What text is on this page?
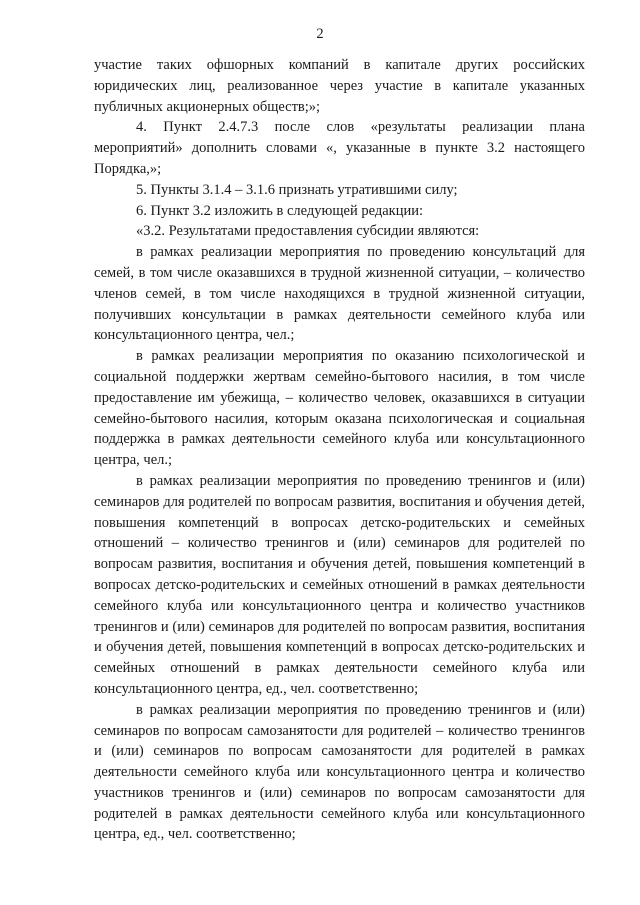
2

участие таких офшорных компаний в капитале других российских юридических лиц, реализованное через участие в капитале указанных публичных акционерных обществ;»;

4. Пункт 2.4.7.3 после слов «результаты реализации плана мероприятий» дополнить словами «, указанные в пункте 3.2 настоящего Порядка,»;

5. Пункты 3.1.4 – 3.1.6 признать утратившими силу;

6. Пункт 3.2 изложить в следующей редакции:

«3.2. Результатами предоставления субсидии являются:

в рамках реализации мероприятия по проведению консультаций для семей, в том числе оказавшихся в трудной жизненной ситуации, – количество членов семей, в том числе находящихся в трудной жизненной ситуации, получивших консультации в рамках деятельности семейного клуба или консультационного центра, чел.;

в рамках реализации мероприятия по оказанию психологической и социальной поддержки жертвам семейно-бытового насилия, в том числе предоставление им убежища, – количество человек, оказавшихся в ситуации семейно-бытового насилия, которым оказана психологическая и социальная поддержка в рамках деятельности семейного клуба или консультационного центра, чел.;

в рамках реализации мероприятия по проведению тренингов и (или) семинаров для родителей по вопросам развития, воспитания и обучения детей, повышения компетенций в вопросах детско-родительских и семейных отношений – количество тренингов и (или) семинаров для родителей по вопросам развития, воспитания и обучения детей, повышения компетенций в вопросах детско-родительских и семейных отношений в рамках деятельности семейного клуба или консультационного центра и количество участников тренингов и (или) семинаров для родителей по вопросам развития, воспитания и обучения детей, повышения компетенций в вопросах детско-родительских и семейных отношений в рамках деятельности семейного клуба или консультационного центра, ед., чел. соответственно;

в рамках реализации мероприятия по проведению тренингов и (или) семинаров по вопросам самозанятости для родителей – количество тренингов и (или) семинаров по вопросам самозанятости для родителей в рамках деятельности семейного клуба или консультационного центра и количество участников тренингов и (или) семинаров по вопросам самозанятости для родителей в рамках деятельности семейного клуба или консультационного центра, ед., чел. соответственно;
